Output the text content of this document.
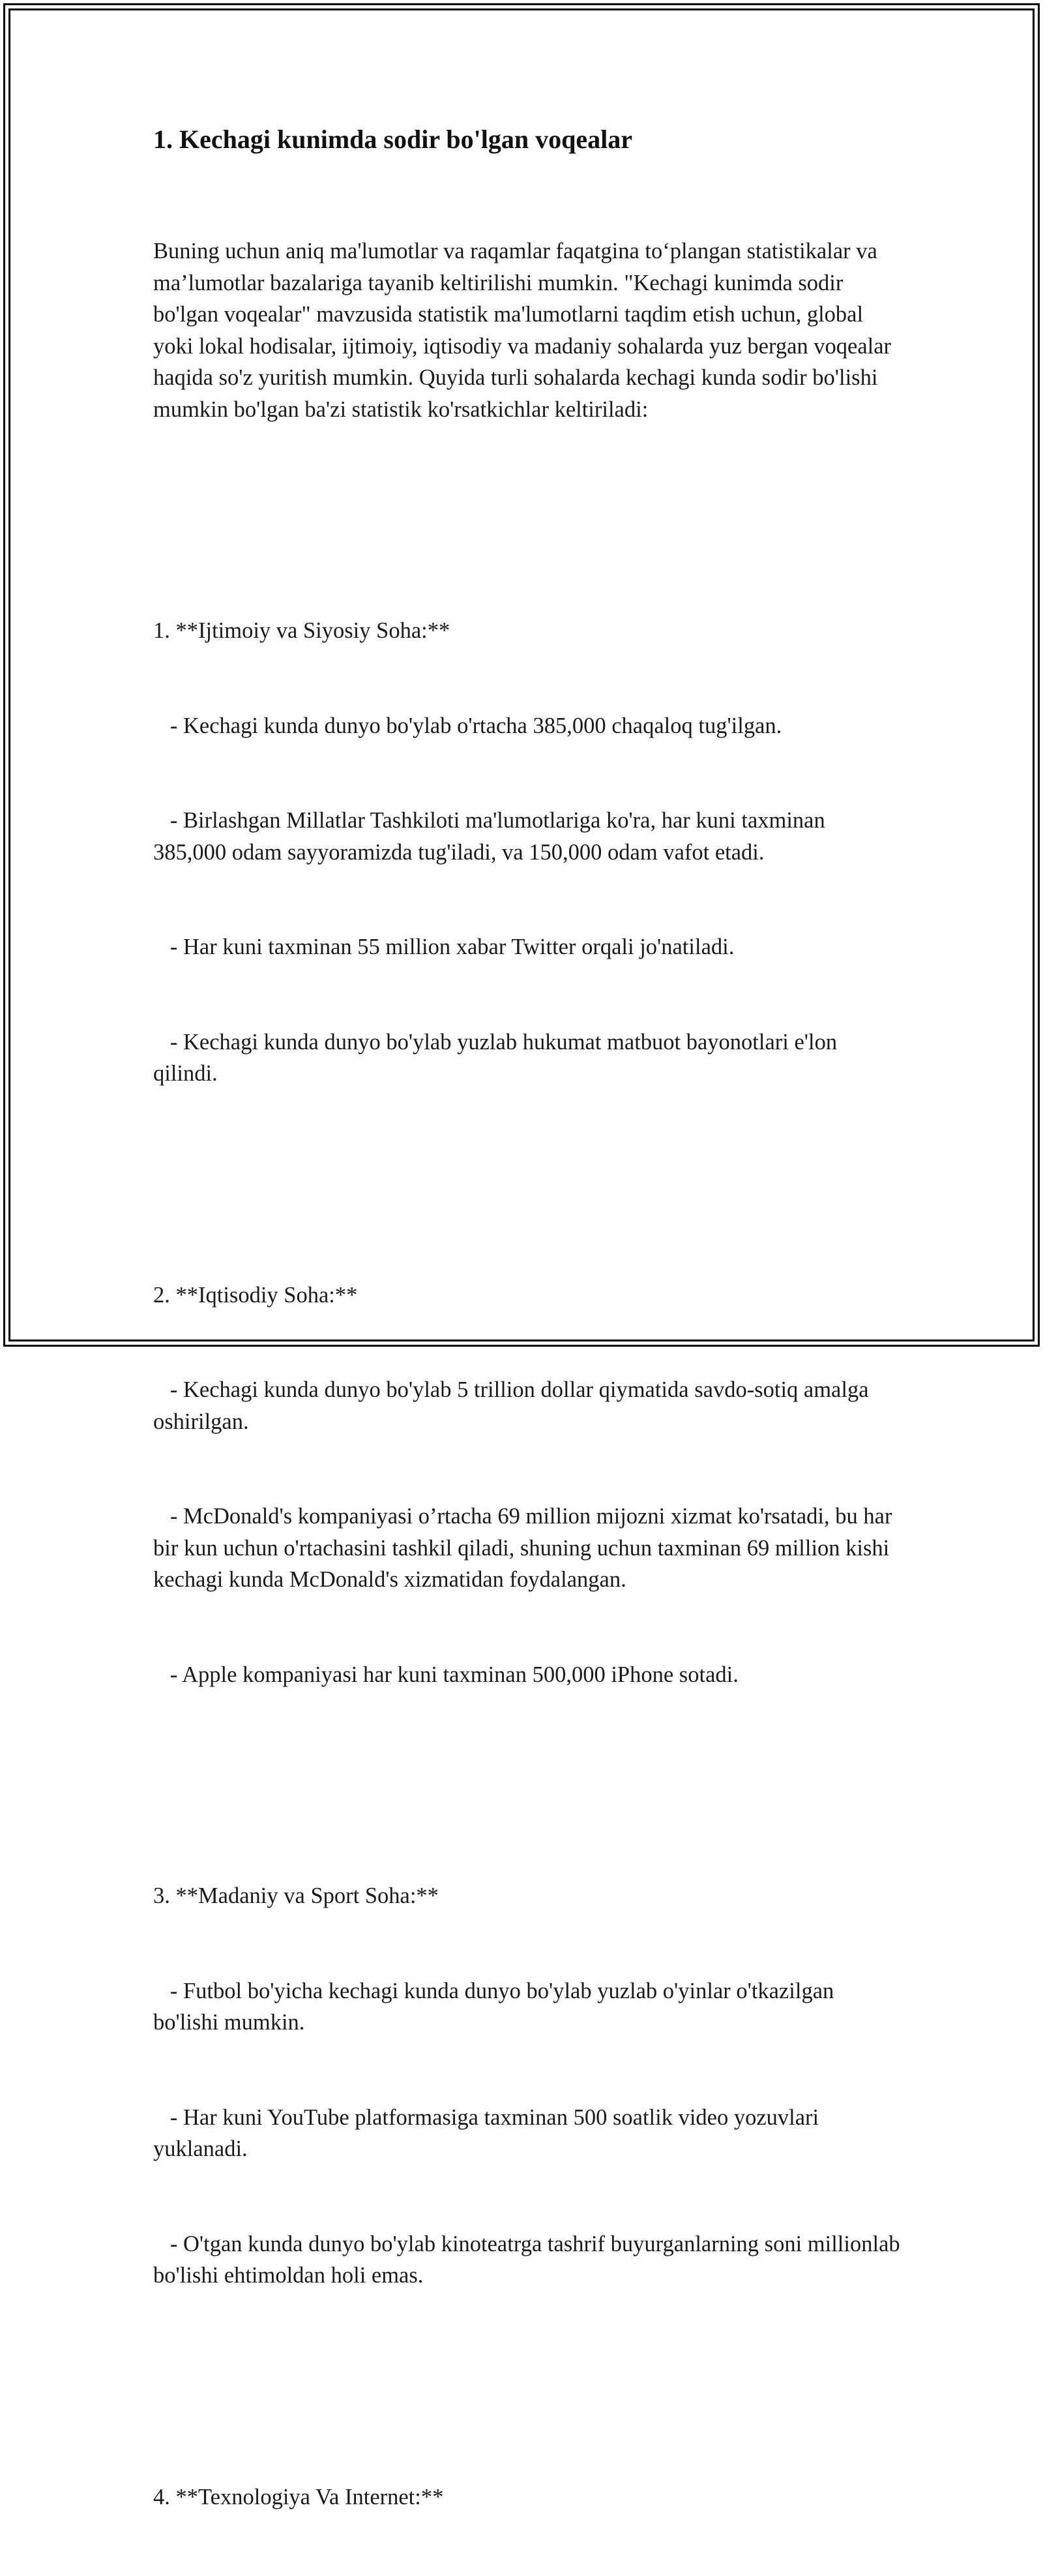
1. Kechagi kunimda sodir bo'lgan voqealar

Buning uchun aniq ma'lumotlar va raqamlar faqatgina to‘plangan statistikalar va ma’lumotlar bazalariga tayanib keltirilishi mumkin. "Kechagi kunimda sodir bo'lgan voqealar" mavzusida statistik ma'lumotlarni taqdim etish uchun, global yoki lokal hodisalar, ijtimoiy, iqtisodiy va madaniy sohalarda yuz bergan voqealar haqida so'z yuritish mumkin. Quyida turli sohalarda kechagi kunda sodir bo'lishi mumkin bo'lgan ba'zi statistik ko'rsatkichlar keltiriladi:

1. **Ijtimoiy va Siyosiy Soha:**

- Kechagi kunda dunyo bo'ylab o'rtacha 385,000 chaqaloq tug'ilgan.

- Birlashgan Millatlar Tashkiloti ma'lumotlariga ko'ra, har kuni taxminan 385,000 odam sayyoramizda tug'iladi, va 150,000 odam vafot etadi.

- Har kuni taxminan 55 million xabar Twitter orqali jo'natiladi.

- Kechagi kunda dunyo bo'ylab yuzlab hukumat matbuot bayonotlari e'lon qilindi.

2. **Iqtisodiy Soha:**

- Kechagi kunda dunyo bo'ylab 5 trillion dollar qiymatida savdo-sotiq amalga oshirilgan.

- McDonald's kompaniyasi o’rtacha 69 million mijozni xizmat ko'rsatadi, bu har bir kun uchun o'rtachasini tashkil qiladi, shuning uchun taxminan 69 million kishi kechagi kunda McDonald's xizmatidan foydalangan.

- Apple kompaniyasi har kuni taxminan 500,000 iPhone sotadi.

3. **Madaniy va Sport Soha:**

- Futbol bo'yicha kechagi kunda dunyo bo'ylab yuzlab o'yinlar o'tkazilgan bo'lishi mumkin.

- Har kuni YouTube platformasiga taxminan 500 soatlik video yozuvlari yuklanadi.

- O'tgan kunda dunyo bo'ylab kinoteatrga tashrif buyurganlarning soni millionlab bo'lishi ehtimoldan holi emas.

4. **Texnologiya Va Internet:**
